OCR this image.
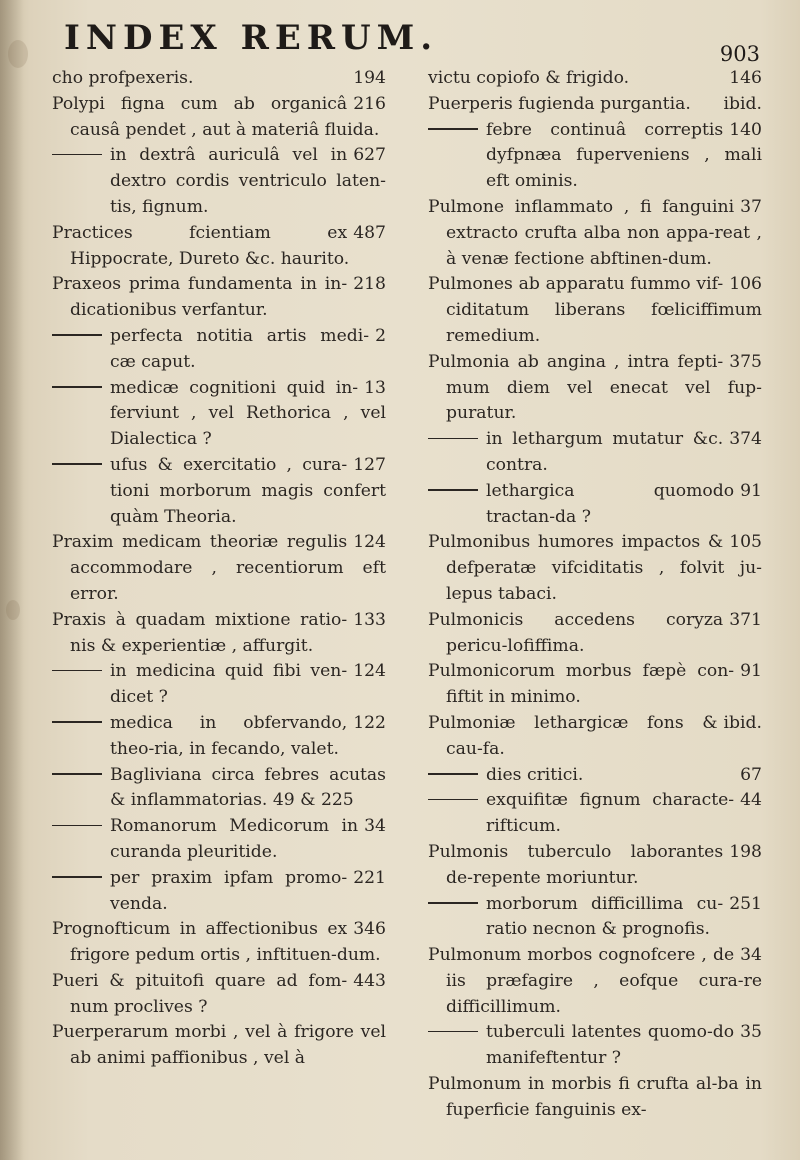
INDEX RERUM.	903
194
cho profpexeris.
216
Polypi figna cum ab organicâ causâ pendet , aut à materiâ fluida.
627
in dextrâ auriculâ vel in dextro cordis ventriculo laten-tis, fignum.
487
Practices fcientiam ex Hippocrate, Dureto &c. haurito.
218
Praxeos prima fundamenta in in-dicationibus verfantur.
2
perfecta notitia artis medi-cæ caput.
13
medicæ cognitioni quid in-ferviunt , vel Rethorica , vel Dialectica ?
127
ufus & exercitatio , cura-tioni morborum magis confert quàm Theoria.
124
Praxim medicam theoriæ regulis accommodare , recentiorum eft error.
133
Praxis à quadam mixtione ratio-nis & experientiæ , affurgit.
124
in medicina quid fibi ven-dicet ?
122
medica in obfervando, theo-ria, in fecando, valet.
Bagliviana circa febres acutas & inflammatorias. 49 & 225
34
Romanorum Medicorum in curanda pleuritide.
221
per praxim ipfam promo-venda.
346
Prognofticum in affectionibus ex frigore pedum ortis , inftituen-dum.
443
Pueri & pituitofi quare ad fom-num proclives ?
Puerperarum morbi , vel à frigore vel ab animi paffionibus , vel à
146
victu copiofo & frigido.
ibid.
Puerperis fugienda purgantia.
140
febre continuâ correptis dyfpnæa fuperveniens , mali eft ominis.
37
Pulmone inflammato , fi fanguini extracto crufta alba non appa-reat , à venæ fectione abftinen-dum.
106
Pulmones ab apparatu fummo vif-ciditatum liberans fœliciffimum remedium.
375
Pulmonia ab angina , intra fepti-mum diem vel enecat vel fup-puratur.
374
in lethargum mutatur &c. contra.
91
lethargica quomodo tractan-da ?
105
Pulmonibus humores impactos & defperatæ vifciditatis , folvit ju-lepus tabaci.
371
Pulmonicis accedens coryza pericu-lofiffima.
91
Pulmonicorum morbus fæpè con-fiftit in minimo.
ibid.
Pulmoniæ lethargicæ fons & cau-fa.
67
dies critici.
44
exquifitæ fignum characte-rifticum.
198
Pulmonis tuberculo laborantes de-repente moriuntur.
251
morborum difficillima cu-ratio necnon & prognofis.
34
Pulmonum morbos cognofcere , de iis præfagire , eofque cura-re difficillimum.
35
tuberculi latentes quomo-do manifeftentur ?
Pulmonum in morbis fi crufta al-ba in fuperficie fanguinis ex-
